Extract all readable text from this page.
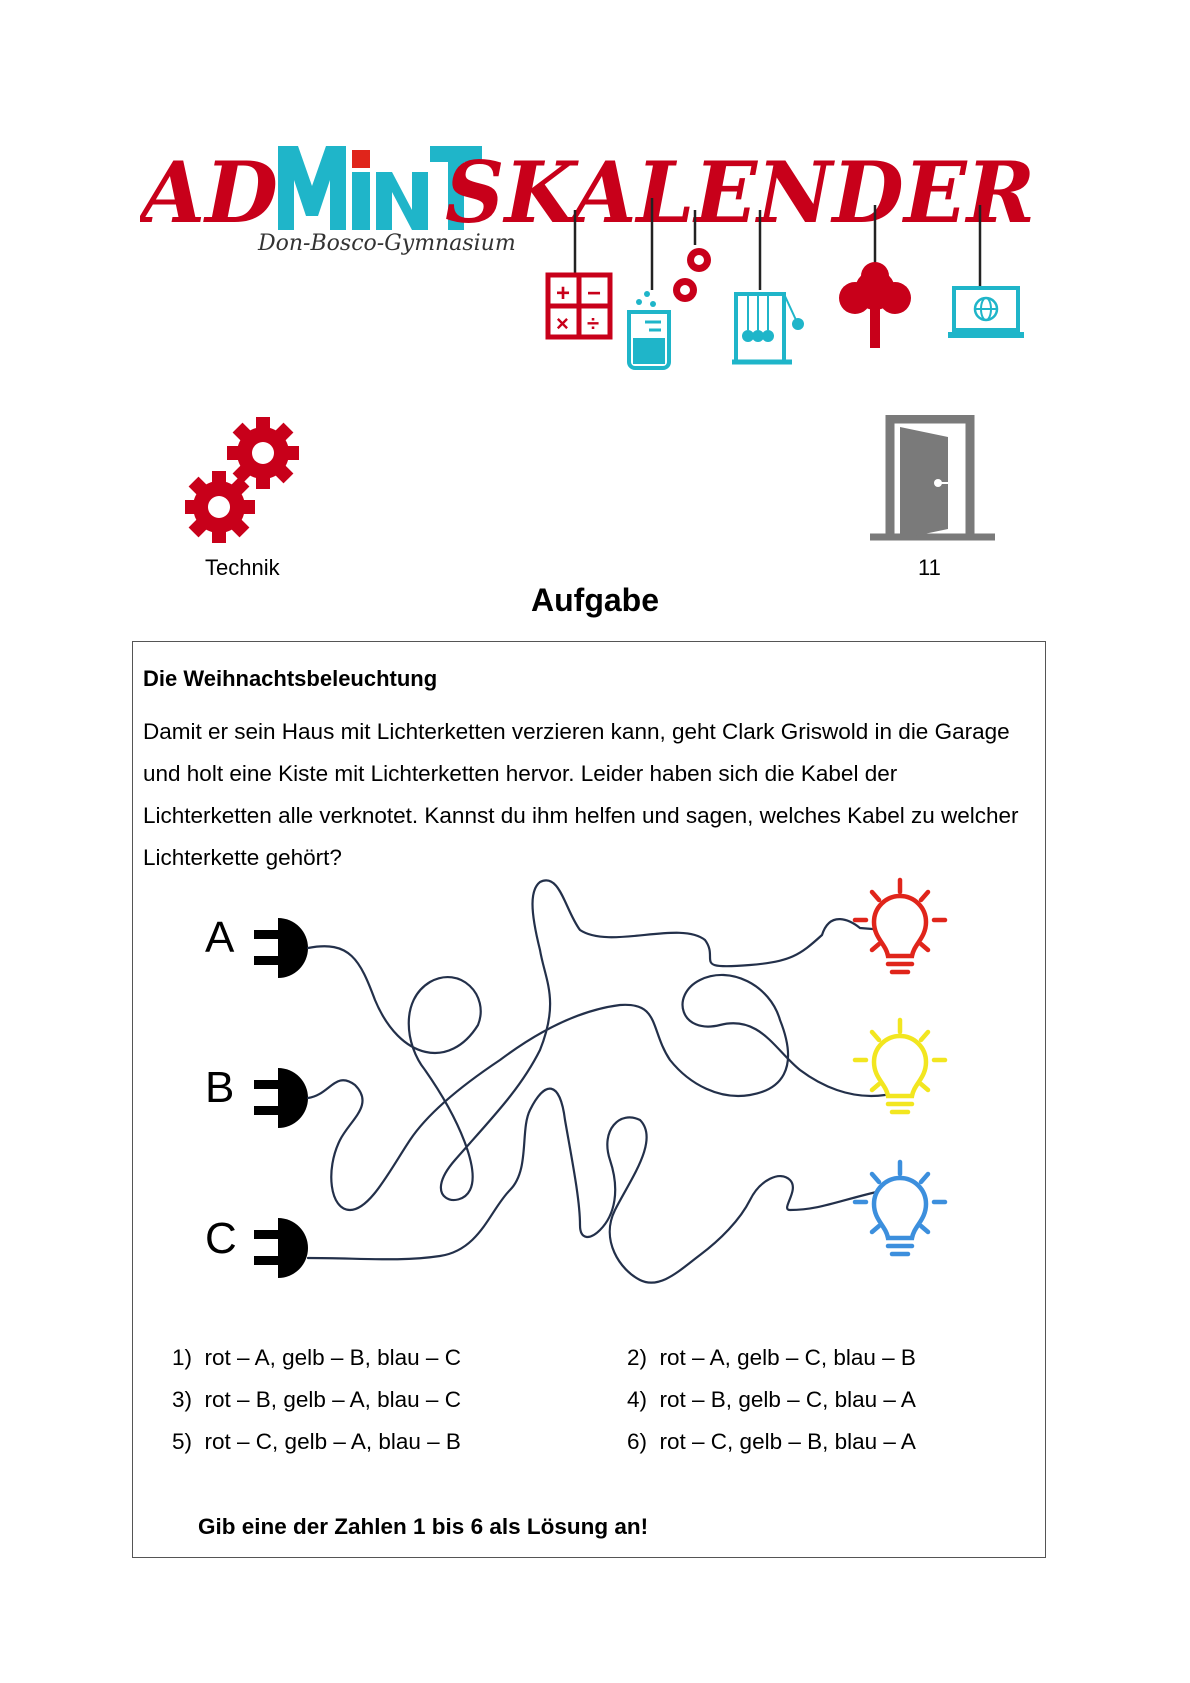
AD SKALENDER
Don-Bosco-Gymnasium
+ −
× ÷
Technik	11
Aufgabe
Die Weihnachtsbeleuchtung
Damit er sein Haus mit Lichterketten verzieren kann, geht Clark Griswold in die Garage und holt eine Kiste mit Lichterketten hervor. Leider haben sich die Kabel der Lichterketten alle verknotet. Kannst du ihm helfen und sagen, welches Kabel zu welcher Lichterkette gehört?
A
B
C
1) rot – A, gelb – B, blau – C	2) rot – A, gelb – C, blau – B
3) rot – B, gelb – A, blau – C	4) rot – B, gelb – C, blau – A
5) rot – C, gelb – A, blau – B	6) rot – C, gelb – B, blau – A
Gib eine der Zahlen 1 bis 6 als Lösung an!
